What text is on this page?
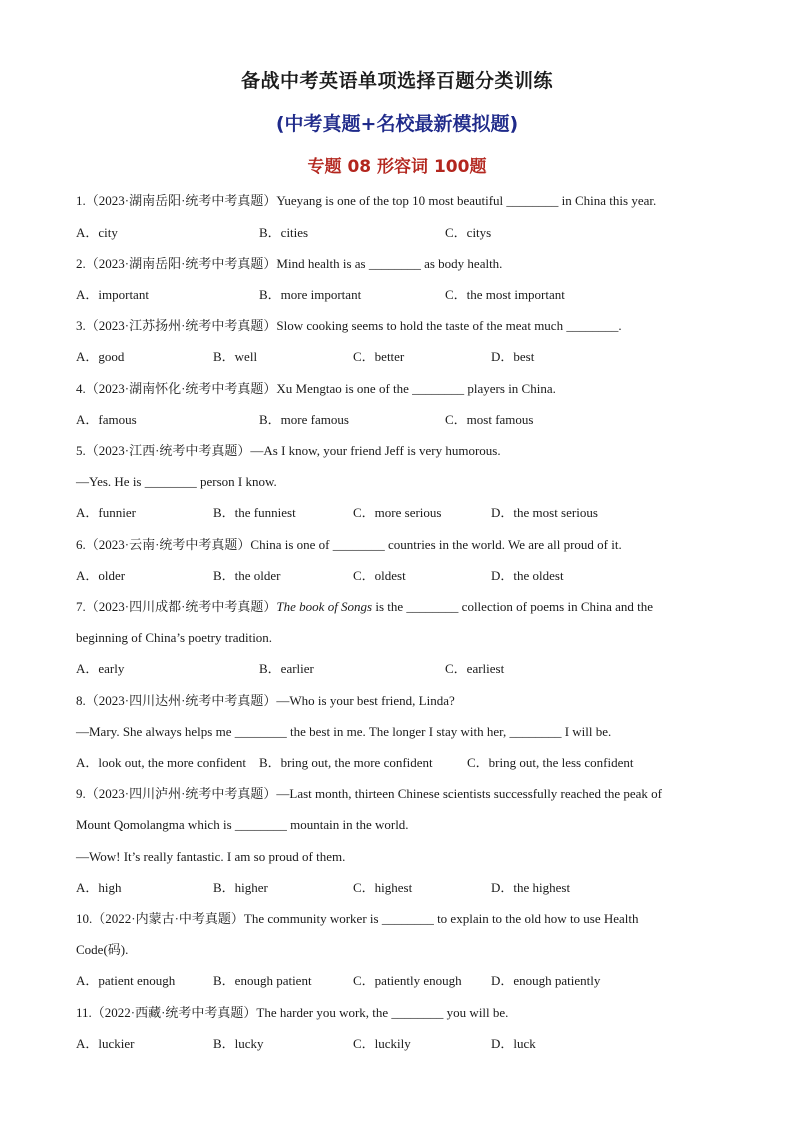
备战中考英语单项选择百题分类训练
(中考真题+名校最新模拟题)
专题 08 形容词 100题
1.（2023·湖南岳阳·统考中考真题）Yueyang is one of the top 10 most beautiful ________ in China this year.
A．city	B．cities	C．citys
2.（2023·湖南岳阳·统考中考真题）Mind health is as ________ as body health.
A．important	B．more important	C．the most important
3.（2023·江苏扬州·统考中考真题）Slow cooking seems to hold the taste of the meat much ________.
A．good	B．well	C．better	D．best
4.（2023·湖南怀化·统考中考真题）Xu Mengtao is one of the ________ players in China.
A．famous	B．more famous	C．most famous
5.（2023·江西·统考中考真题）—As I know, your friend Jeff is very humorous.
—Yes. He is ________ person I know.
A．funnier	B．the funniest	C．more serious	D．the most serious
6.（2023·云南·统考中考真题）China is one of ________ countries in the world. We are all proud of it.
A．older	B．the older	C．oldest	D．the oldest
7.（2023·四川成都·统考中考真题）The book of Songs is the ________ collection of poems in China and the
beginning of China’s poetry tradition.
A．early	B．earlier	C．earliest
8.（2023·四川达州·统考中考真题）—Who is your best friend, Linda?
—Mary. She always helps me ________ the best in me. The longer I stay with her, ________ I will be.
A．look out, the more confident B．bring out, the more confident	C．bring out, the less confident
9.（2023·四川泸州·统考中考真题）—Last month, thirteen Chinese scientists successfully reached the peak of
Mount Qomolangma which is ________ mountain in the world.
—Wow! It’s really fantastic. I am so proud of them.
A．high	B．higher	C．highest	D．the highest
10.（2022·内蒙古·中考真题）The community worker is ________ to explain to the old how to use Health
Code(码).
A．patient enough	B．enough patient	C．patiently enough D．enough patiently
11.（2022·西藏·统考中考真题）The harder you work, the ________ you will be.
A．luckier	B．lucky	C．luckily	D．luck
